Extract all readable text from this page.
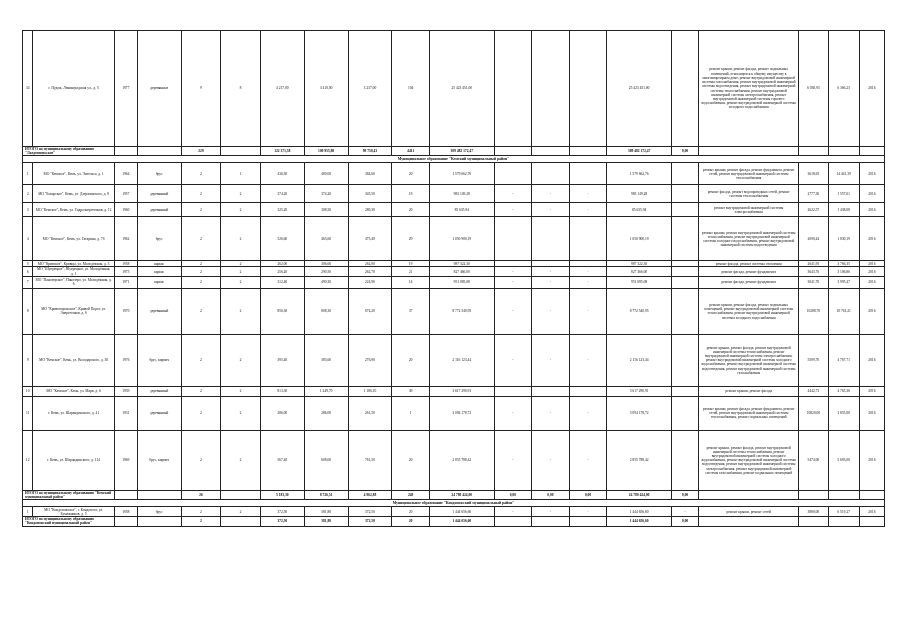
34	г. Пудож, Ленинградская ул., д. 5	1977	деревянные	9	8	4 217,00	3 410,00	3 237,00	104	25 423 451,00				25 423 451,00		ремонт крыши, ремонт фасада, ремонт подвальных помещений, относящихся к общему имуществу в многоквартирном доме, ремонт внутридомовой инженерной системы газоснабжения, ремонт внутридомовой инженерной системы водоотведения, ремонт внутридомовой инженерной системы теплоснабжения, ремонт внутридомовой инженерной системы электроснабжения, ремонт внутридомовой инженерной системы горячего водоснабжения, ремонт внутридомовой инженерной системы холодного водоснабжения	6 030,93	6 366,23	2016
ИТОГО по муниципальному образованию "Лахденпохьское"				229		122 371,38	100 955,80	99 750,43	4411	309 482 172,47				309 482 172,47	0,00				
Муниципальное образование "Кемский муниципальный район"																			
1	МО "Кемское", Кемь, ул. Энгельса, д. 1	1964	брус	2	1	436,50	400,00	384,60	20	1 579 662,76				1 579 662,76		ремонт крыши, ремонт фасада, ремонт фундамента, ремонт сетей, ремонт внутридомовой инженерной системы теплоснабжения	3618,65	14 441,39	2016
2	МО "Бокарское", Кемь, ул. Дзержинского, д. 8	1957	деревянный	2	2	374,20	374,20	345,50	19	983 149,28	-	-	-	983 149,28		ремонт фасада, ремонт водопроводных сетей, ремонт системы теплоснабжения	2777,30	1 557,01	2016
3	МО "Кемское", Кемь, ул. Гидроэнергетиков, д. 12	1960	деревянный	2	2	325,20	308,50	280,30	20	85 635,94	-	-	-	85 635,94		ремонт внутридомовой инженерной системы электроснабжения	2622,57	1 438,08	2016
4	МО "Кемское", Кемь, ул. Гагарина, д. 7б	1962	брус	2	2	526,60	463,60	475,40	29	1 050 900,19				1 050 900,19		ремонт крыши, ремонт внутридомовой инженерной системы теплоснабжения, ремонт внутридомовой инженерной системы холодного водоснабжения, ремонт внутридомовой инженерной системы водоотведения	2090,44	1 830,19	2016
5	МО "Кривское", Кривцы, ул. Молодёжная, д. 3	1958	каркас	2	2	262,00	306,60	262,00	19	987 322,30				987 322,30		ремонт фасада, ремонт системы отопления	2641,95	3 766,35	2016
6	МО "Шуерецкое", Шуерецкое, ул. Молодёжная, д. 1	1975	каркас	2	2	256,20	290,50	262,70	21	827 466,00	-	-	-	827 466,00		ремонт фасада, ремонт фундамента	3643,76	3 106,86	2016
7	МО "Панозерское", Панозеро, ул. Молодёжная, д. 6	1971	каркас	2	2	312,40	490,30	224,90	14	951 085,08	-	-	-	951 085,08		ремонт фасада, ремонт фундамента	3041,70	3 995,47	2016
8	МО "Кривопорожское", Кривой Порог, ул. Энергетиков, д. 6	1970	деревянный	2	2	856,30	808,30	674,20	37	8 772 540,95	-	-	-	8 772 540,95		ремонт крыши, ремонт фасада, ремонт подвальных помещений, ремонт внутридомовой инженерной системы теплоснабжения, ремонт внутридомовой инженерной системы холодного водоснабжения	10288,70	10 761,21	2016
9	МО "Кемское", Кемь, ул. Володарского, д. 30	1976	брус, кирпич	2	2	395,40	383,60	276,90	20	2 116 123,44	-	-	-	2 116 123,44		ремонт крыши, ремонт фасада, ремонт внутридомовой инженерной системы теплоснабжения, ремонт внутридомовой инженерной системы электроснабжения, ремонт внутридомовой инженерной системы холодного водоснабжения, ремонт внутридомовой инженерной системы водоотведения, ремонт внутридомовой инженерной системы газоснабжения	5509,70	4 767,71	2016
10	МО "Кемское", Кемь, ул. Марк, д. 6	1939	деревянный	2	2	813,30	1 249,70	1 186,10	49	3 617 290,91				3 617 290,91		ремонт крыши, ремонт фасада	4442,73	4 765,36	2016
11	г. Кемь, ул. Шарандинского, д. 41	1931	деревянный	2	2	286,00	286,00	261,50	1	3 094 178,72	-	-	-	3 094 178,72		ремонт крыши, ремонт фасада, ремонт фундамента, ремонт сетей, ремонт внутридомовой инженерной системы теплоснабжения, ремонт подвальных помещений	10820,00	3 855,00	2016
12	г. Кемь, ул. Шарандинского, д. 114	1969	брус, кирпич	2	2	567,40	608,00	761,50	20	2 855 788,42	-	-	-	2 855 788,42		ремонт крыши, ремонт фасада, ремонт внутридомовой инженерной системы теплоснабжения, ремонт внутридомовой инженерной системы холодного водоснабжения, ремонт внутридомовой инженерной системы водоотведения, ремонт внутридомовой инженерной системы электроснабжения, ремонт внутридомовой инженерной системы газоснабжения, ремонт подвальных помещений	5474,00	5 693,00	2016
ИТОГО по муниципальному образованию "Кемский муниципальный район"				26		5 183,30	8 726,51	4 962,88	249	24 780 424,00	0,00	0,00	0,00	24 780 424,00	0,00				
Муниципальное образование "Кондопожский муниципальный район"																			
1	МО "Кондопожское", г. Кондопога, ул. Бумажников, д. 5	1958	брус	2	2	372,50	381,80	372,50	20	1 444 656,60	-	-	-	1 444 656,60	-	ремонт крыши, ремонт сетей	3880,00	6 519,27	2016
ИТОГО по муниципальному образованию "Кондопожский муниципальный район"				2		372,50	381,80	372,50	20	1 444 656,60				1 444 656,60	0,00				
